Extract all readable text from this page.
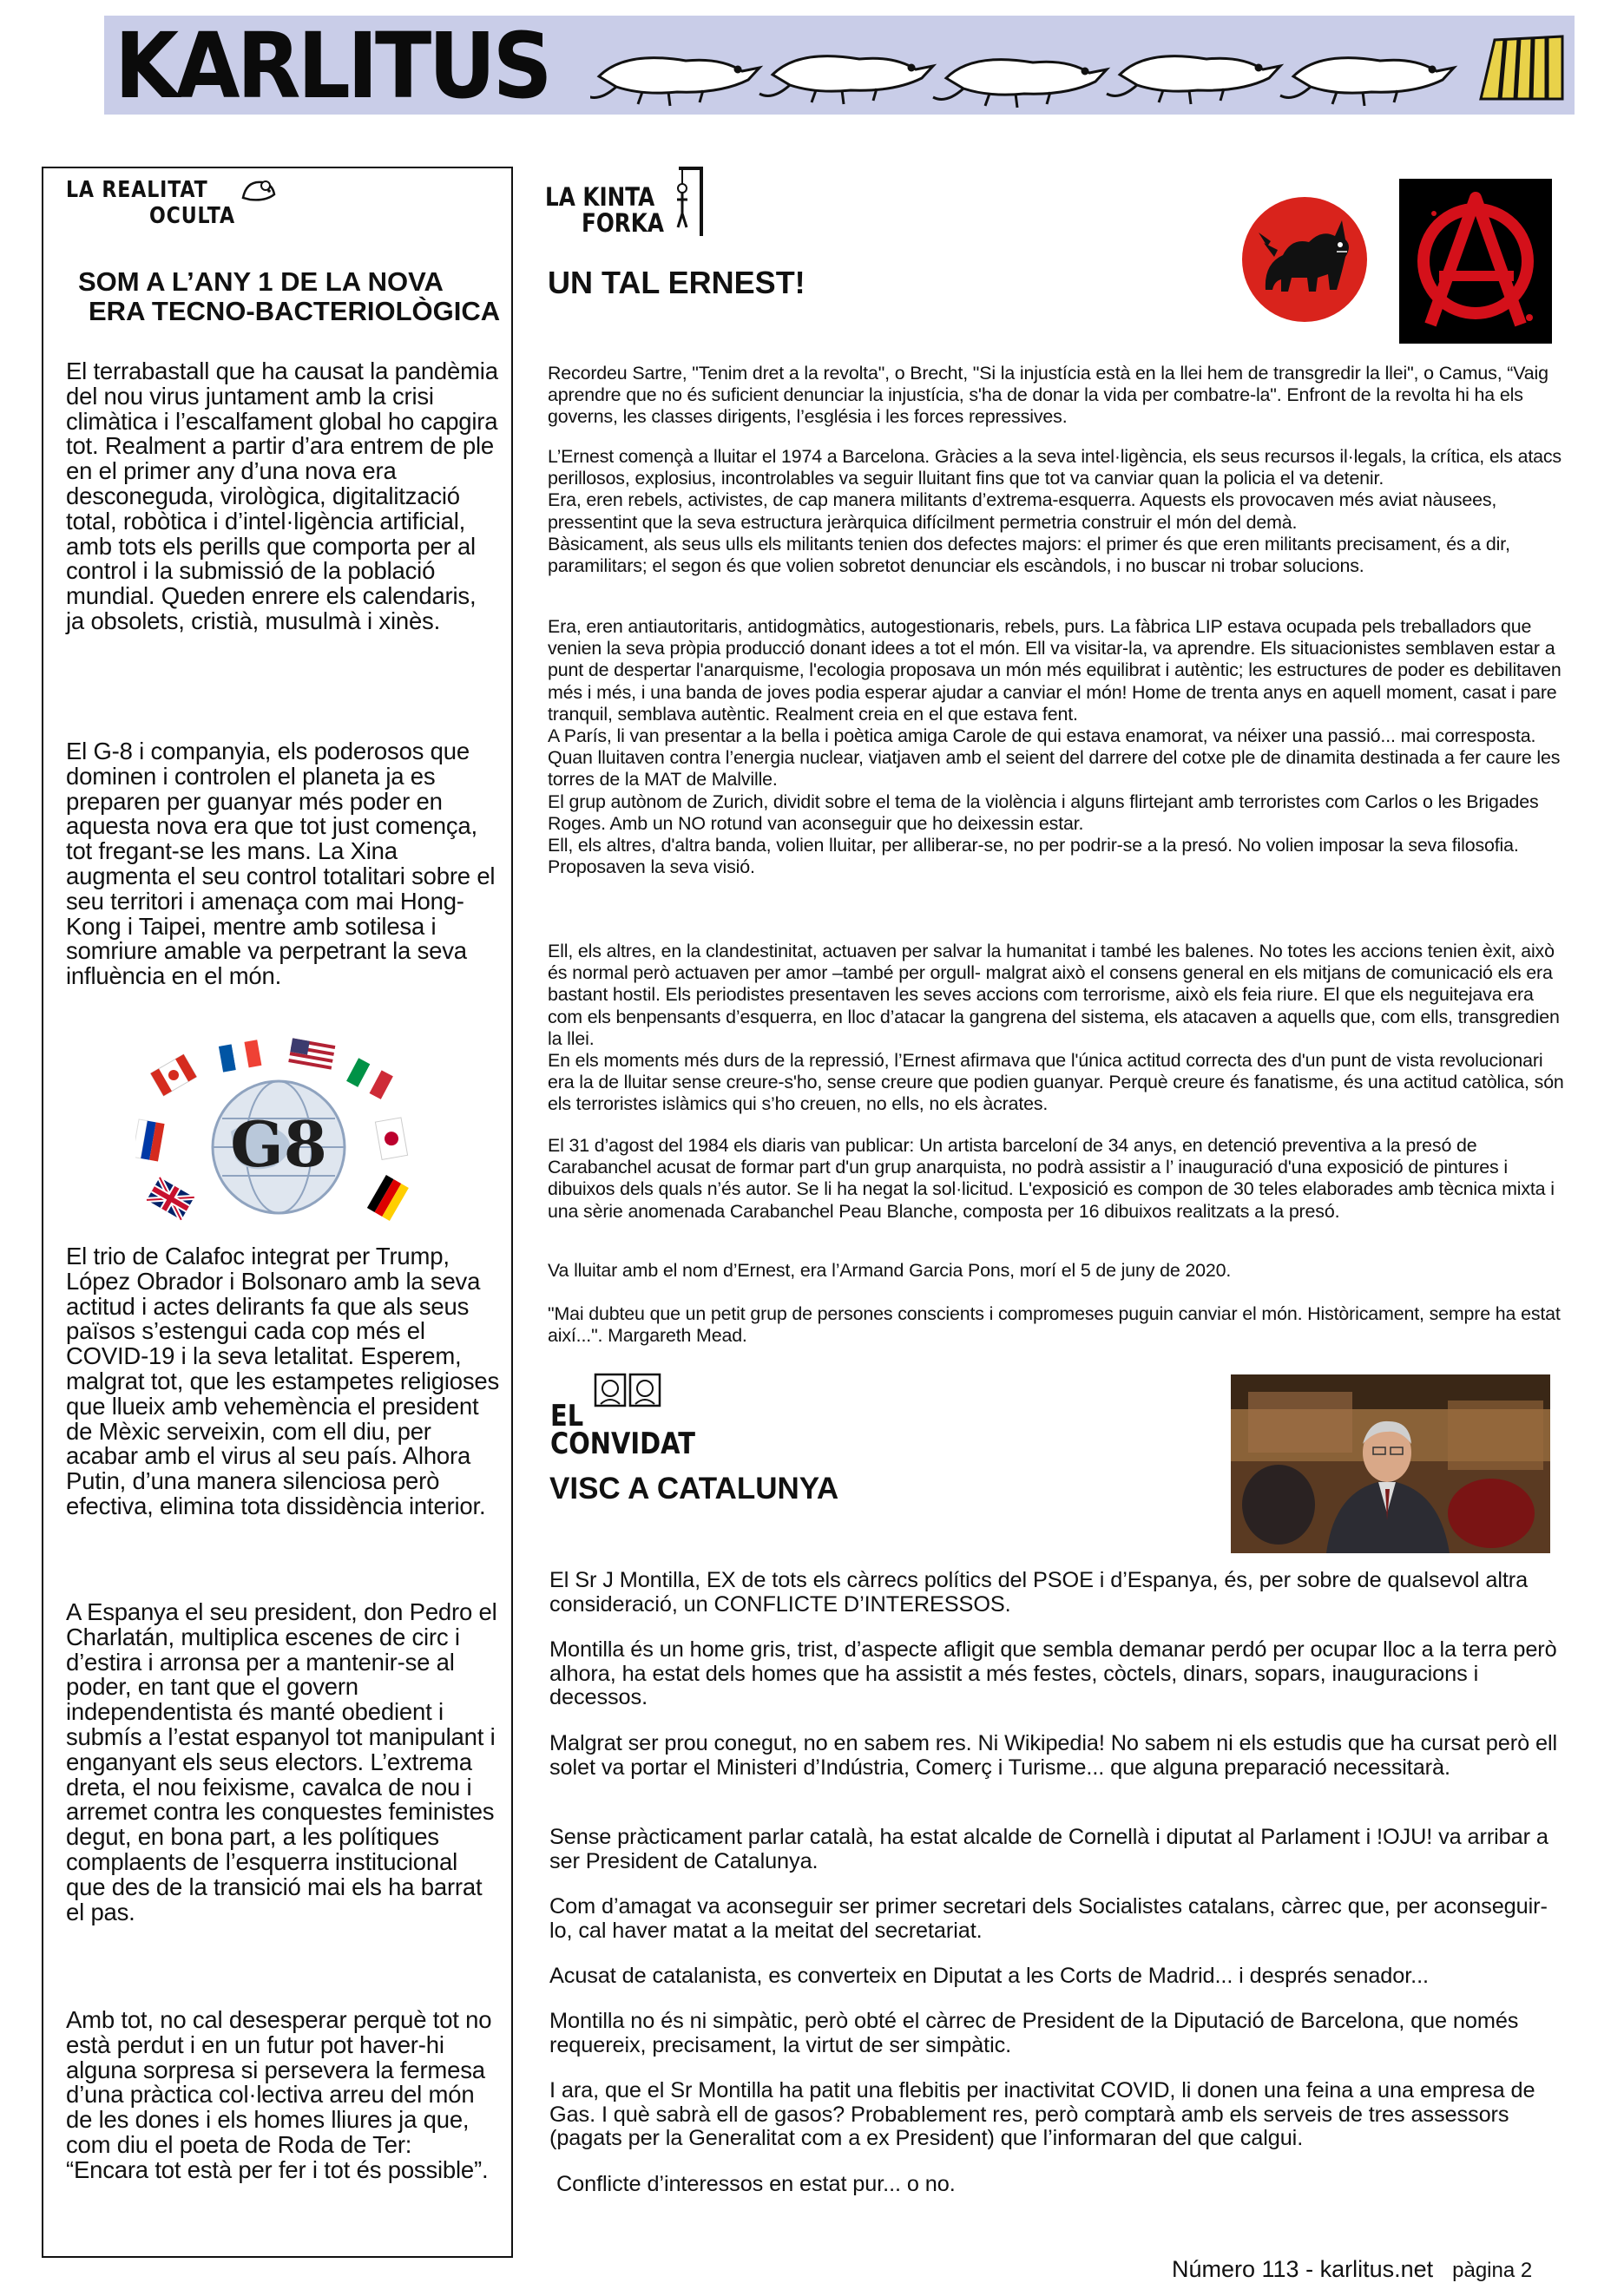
KARLITUS
LA REALITAT
OCULTA
SOM A L’ANY 1 DE LA NOVA
ERA TECNO-BACTERIOLÒGICA
El terrabastall que ha causat la pandèmia del nou virus juntament amb la crisi climàtica i l’escalfament global ho capgira tot. Realment a partir d’ara entrem de ple en el primer any d’una nova era desconeguda, virològica, digitalització total, robòtica i d’intel·ligència artificial, amb tots els perills que comporta per al control i la submissió de la població mundial. Queden enrere els calendaris, ja obsolets, cristià, musulmà i xinès.
El G-8 i companyia, els poderosos que dominen i controlen el planeta ja es preparen per guanyar més poder en aquesta nova era que tot just comença, tot fregant-se les mans. La Xina augmenta el seu control totalitari sobre el seu territori i amenaça com mai Hong-Kong i Taipei, mentre amb sotilesa i somriure amable va perpetrant la seva influència en el món.
G8
El trio de Calafoc integrat per Trump, López Obrador i Bolsonaro amb la seva actitud i actes delirants fa que als seus països s’estengui cada cop més el COVID-19 i la seva letalitat. Esperem, malgrat tot, que les estampetes religioses que llueix amb vehemència el president de Mèxic serveixin, com ell diu, per acabar amb el virus al seu país. Alhora Putin, d’una manera silenciosa però efectiva, elimina tota dissidència interior.
A Espanya el seu president, don Pedro el Charlatán, multiplica escenes de circ i d’estira i arronsa per a mantenir-se al poder, en tant que el govern independentista és manté obedient i submís a l’estat espanyol tot manipulant i enganyant els seus electors. L’extrema dreta, el nou feixisme, cavalca de nou i arremet contra les conquestes feministes degut, en bona part, a les polítiques complaents de l’esquerra institucional que des de la transició mai els ha barrat el pas.
Amb tot, no cal desesperar perquè tot no està perdut i en un futur pot haver-hi alguna sorpresa si persevera la fermesa d’una pràctica col·lectiva arreu del món de les dones i els homes lliures ja que, com diu el poeta de Roda de Ter: “Encara tot està per fer i tot és possible”.
LA KINTA
FORKA
UN TAL ERNEST!
Recordeu Sartre, "Tenim dret a la revolta", o Brecht, "Si la injustícia està en la llei hem de transgredir la llei", o Camus, “Vaig aprendre que no és suficient denunciar la injustícia, s'ha de donar la vida per combatre-la". Enfront de la revolta hi ha els governs, les classes dirigents, l’església i les forces repressives.
L’Ernest començà a lluitar el 1974 a Barcelona. Gràcies a la seva intel·ligència, els seus recursos il·legals, la crítica, els atacs perillosos, explosius, incontrolables va seguir lluitant fins que tot va canviar quan la policia el va detenir.
Era, eren rebels, activistes, de cap manera militants d’extrema-esquerra. Aquests els provocaven més aviat nàusees, pressentint que la seva estructura jeràrquica difícilment permetria construir el món del demà.
Bàsicament, als seus ulls els militants tenien dos defectes majors: el primer és que eren militants precisament, és a dir, paramilitars; el segon és que volien sobretot denunciar els escàndols, i no buscar ni trobar solucions.
Era, eren antiautoritaris, antidogmàtics, autogestionaris, rebels, purs. La fàbrica LIP estava ocupada pels treballadors que venien la seva pròpia producció donant idees a tot el món. Ell va visitar-la, va aprendre. Els situacionistes semblaven estar a punt de despertar l'anarquisme, l'ecologia proposava un món més equilibrat i autèntic; les estructures de poder es debilitaven més i més, i una banda de joves podia esperar ajudar a canviar el món! Home de trenta anys en aquell moment, casat i pare tranquil, semblava autèntic. Realment creia en el que estava fent.
A París, li van presentar a la bella i poètica amiga Carole de qui estava enamorat, va néixer una passió... mai corresposta.
Quan lluitaven contra l’energia nuclear, viatjaven amb el seient del darrere del cotxe ple de dinamita destinada a fer caure les torres de la MAT de Malville.
El grup autònom de Zurich, dividit sobre el tema de la violència i alguns flirtejant amb terroristes com Carlos o les Brigades Roges. Amb un NO rotund van aconseguir que ho deixessin estar.
Ell, els altres, d'altra banda, volien lluitar, per alliberar-se, no per podrir-se a la presó. No volien imposar la seva filosofia. Proposaven la seva visió.
Ell, els altres, en la clandestinitat, actuaven per salvar la humanitat i també les balenes. No totes les accions tenien èxit, això és normal però actuaven per amor –també per orgull- malgrat això el consens general en els mitjans de comunicació els era bastant hostil. Els periodistes presentaven les seves accions com terrorisme, això els feia riure. El que els neguitejava era com els benpensants d’esquerra, en lloc d’atacar la gangrena del sistema, els atacaven a aquells que, com ells, transgredien la llei.
En els moments més durs de la repressió, l’Ernest afirmava que l'única actitud correcta des d'un punt de vista revolucionari era la de lluitar sense creure-s'ho, sense creure que podien guanyar. Perquè creure és fanatisme, és una actitud catòlica, són els terroristes islàmics qui s’ho creuen, no ells, no els àcrates.
El 31 d’agost del 1984 els diaris van publicar: Un artista barceloní de 34 anys, en detenció preventiva a la presó de Carabanchel acusat de formar part d'un grup anarquista, no podrà assistir a l’ inauguració d'una exposició de pintures i dibuixos dels quals n’és autor. Se li ha negat la sol·licitud. L'exposició es compon de 30 teles elaborades amb tècnica mixta i una sèrie anomenada Carabanchel Peau Blanche, composta per 16 dibuixos realitzats a la presó.
Va lluitar amb el nom d’Ernest, era l’Armand Garcia Pons, morí el 5 de juny de 2020.
"Mai dubteu que un petit grup de persones conscients i compromeses puguin canviar el món. Històricament, sempre ha estat així...". Margareth Mead.
EL
CONVIDAT
VISC A CATALUNYA
El Sr J Montilla, EX de tots els càrrecs polítics del PSOE i d’Espanya, és, per sobre de qualsevol altra consideració, un CONFLICTE D’INTERESSOS.
Montilla és un home gris, trist, d’aspecte afligit que sembla demanar perdó per ocupar lloc a la terra però alhora, ha estat dels homes que ha assistit a més festes, còctels, dinars, sopars, inauguracions i decessos.
Malgrat ser prou conegut, no en sabem res. Ni Wikipedia! No sabem ni els estudis que ha cursat però ell solet va portar el Ministeri d’Indústria, Comerç i Turisme... que alguna preparació necessitarà.
Sense pràcticament parlar català, ha estat alcalde de Cornellà i diputat al Parlament i !OJU! va arribar a ser President de Catalunya.
Com d’amagat va aconseguir ser primer secretari dels Socialistes catalans, càrrec que, per aconseguir-lo, cal haver matat a la meitat del secretariat.
Acusat de catalanista, es converteix en Diputat a les Corts de Madrid... i després senador...
Montilla no és ni simpàtic, però obté el càrrec de President de la Diputació de Barcelona, que només requereix, precisament, la virtut de ser simpàtic.
I ara, que el Sr Montilla ha patit una flebitis per inactivitat COVID, li donen una feina a una empresa de Gas. I què sabrà ell de gasos? Probablement res, però comptarà amb els serveis de tres assessors (pagats per la Generalitat com a ex President) que l’informaran del que calgui.
Conflicte d’interessos en estat pur... o no.
Número 113 - karlitus.net pàgina 2
